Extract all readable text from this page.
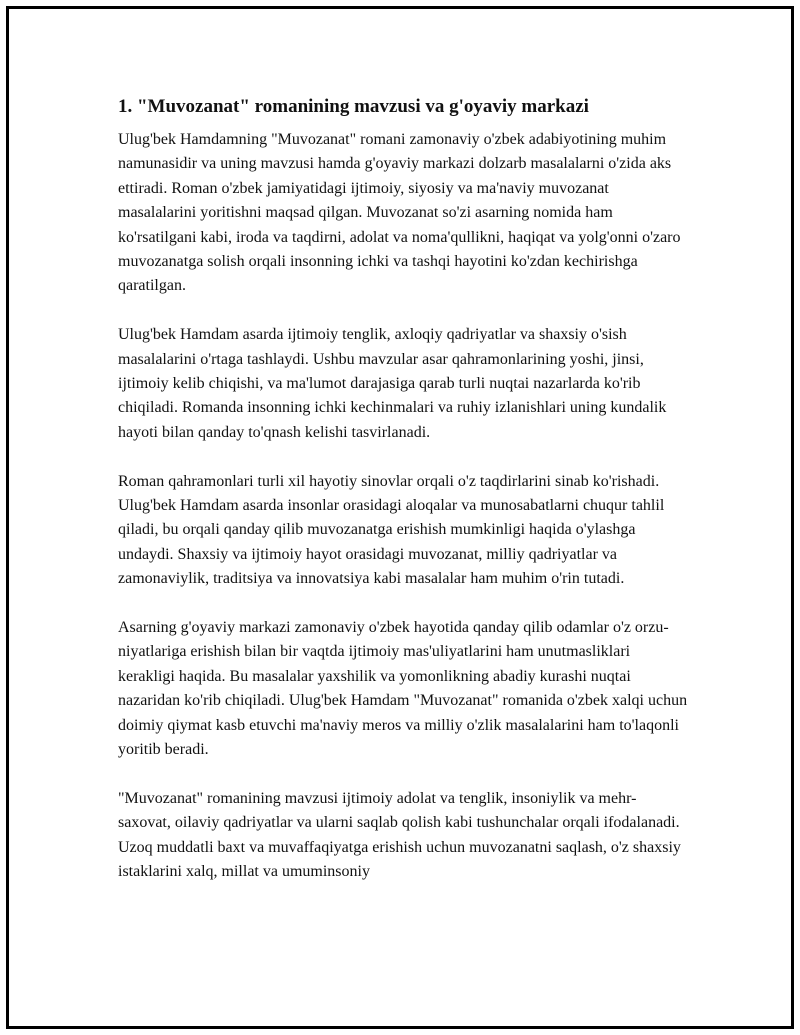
1. "Muvozanat" romanining mavzusi va g'oyaviy markazi

Ulug'bek Hamdamning "Muvozanat" romani zamonaviy o'zbek adabiyotining muhim namunasidir va uning mavzusi hamda g'oyaviy markazi dolzarb masalalarni o'zida aks ettiradi. Roman o'zbek jamiyatidagi ijtimoiy, siyosiy va ma'naviy muvozanat masalalarini yoritishni maqsad qilgan. Muvozanat so'zi asarning nomida ham ko'rsatilgani kabi, iroda va taqdirni, adolat va noma'qullikni, haqiqat va yolg'onni o'zaro muvozanatga solish orqali insonning ichki va tashqi hayotini ko'zdan kechirishga qaratilgan.

Ulug'bek Hamdam asarda ijtimoiy tenglik, axloqiy qadriyatlar va shaxsiy o'sish masalalarini o'rtaga tashlaydi. Ushbu mavzular asar qahramonlarining yoshi, jinsi, ijtimoiy kelib chiqishi, va ma'lumot darajasiga qarab turli nuqtai nazarlarda ko'rib chiqiladi. Romanda insonning ichki kechinmalari va ruhiy izlanishlari uning kundalik hayoti bilan qanday to'qnash kelishi tasvirlanadi.

Roman qahramonlari turli xil hayotiy sinovlar orqali o'z taqdirlarini sinab ko'rishadi. Ulug'bek Hamdam asarda insonlar orasidagi aloqalar va munosabatlarni chuqur tahlil qiladi, bu orqali qanday qilib muvozanatga erishish mumkinligi haqida o'ylashga undaydi. Shaxsiy va ijtimoiy hayot orasidagi muvozanat, milliy qadriyatlar va zamonaviylik, traditsiya va innovatsiya kabi masalalar ham muhim o'rin tutadi.

Asarning g'oyaviy markazi zamonaviy o'zbek hayotida qanday qilib odamlar o'z orzu-niyatlariga erishish bilan bir vaqtda ijtimoiy mas'uliyatlarini ham unutmasliklari kerakligi haqida. Bu masalalar yaxshilik va yomonlikning abadiy kurashi nuqtai nazaridan ko'rib chiqiladi. Ulug'bek Hamdam "Muvozanat" romanida o'zbek xalqi uchun doimiy qiymat kasb etuvchi ma'naviy meros va milliy o'zlik masalalarini ham to'laqonli yoritib beradi.

"Muvozanat" romanining mavzusi ijtimoiy adolat va tenglik, insoniylik va mehr-saxovat, oilaviy qadriyatlar va ularni saqlab qolish kabi tushunchalar orqali ifodalanadi. Uzoq muddatli baxt va muvaffaqiyatga erishish uchun muvozanatni saqlash, o'z shaxsiy istaklarini xalq, millat va umuminsoniy
